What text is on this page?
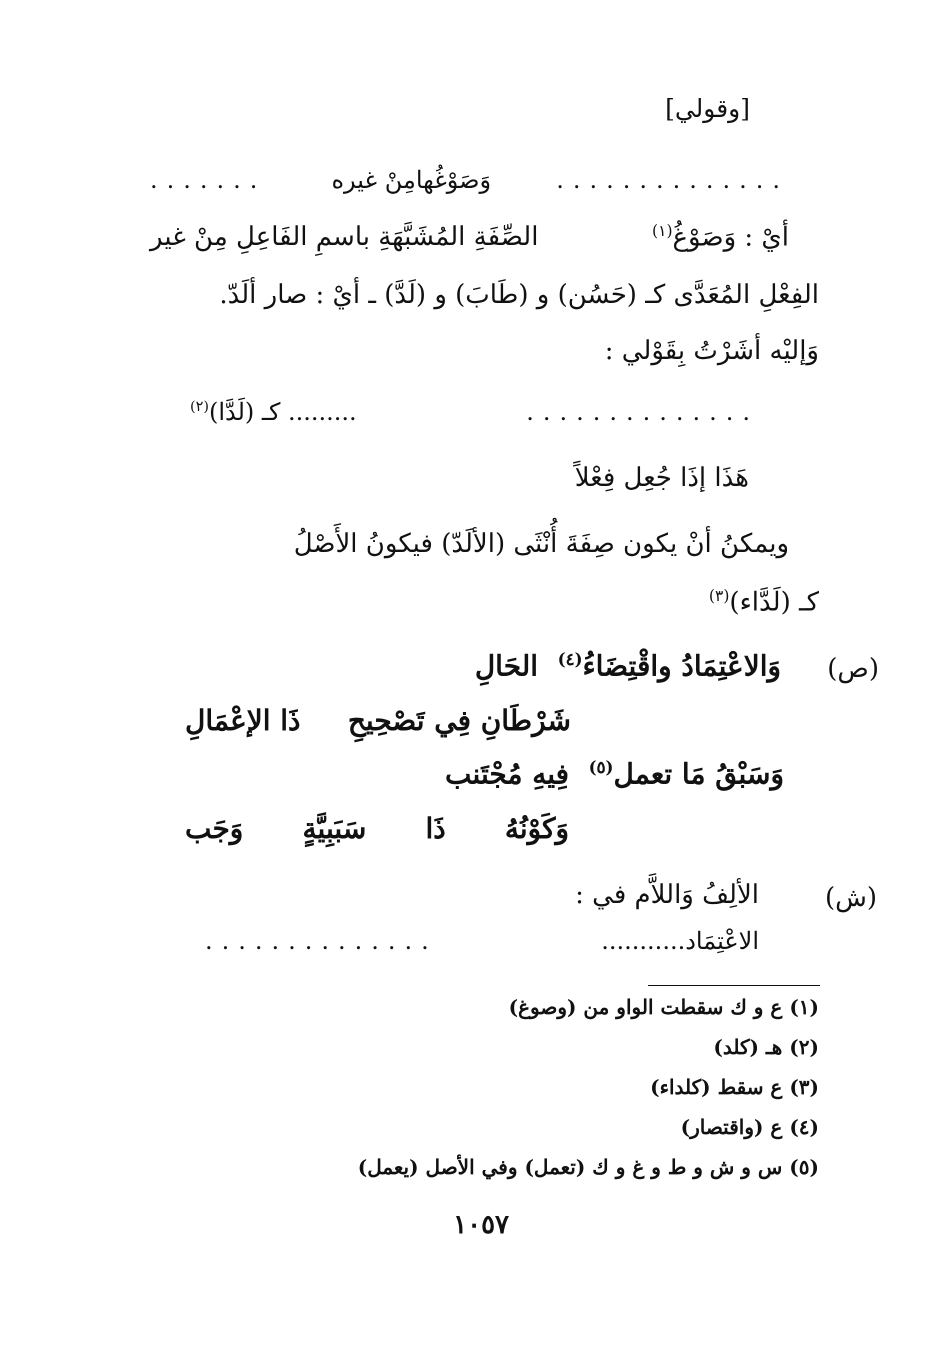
[وقولي]
..............
وَصَوْغُهامِنْ غيره
.......
أيْ : وَصَوْغُ$^{(١)}$
الصِّفَةِ المُشَبَّهَةِ باسمِ الفَاعِلِ مِنْ غير
الفِعْلِ المُعَدَّى كـ (حَسُن) و (طَابَ) و (لَدَّ) ـ أيْ : صار ألَدّ.
وَإليْه أشَرْتُ بِقَوْلي :
..............
......... كـ (لَدَّا)$^{(٢)}$
هَذَا إذَا جُعِل فِعْلاً
ويمكنُ أنْ يكون صِفَةَ أُنْثَى (الألَدّ) فيكونُ الأَصْلُ
كـ (لَدَّاء)$^{(٣)}$
(ص)
وَالاعْتِمَادُ واقْتِضَاءُ$^{(٤)}$  الحَالِ
شَرْطَانِ فِي تَصْحِيحِ
ذَا الإعْمَالِ
وَسَبْقُ مَا تعمل$^{(٥)}$  فِيهِ مُجْتَنب
وَكَوْنُهُ
ذَا
سَبَبِيَّةٍ
وَجَب
(ش)
الألِفُ وَاللاَّم في :
الاعْتِمَاد...........
..............
(١) ع و ك سقطت الواو من (وصوغ)
(٢) هـ (كلد)
(٣) ع سقط (كلداء)
(٤) ع (واقتصار)
(٥) س و ش و ط و غ و ك (تعمل) وفي الأصل (يعمل)
١٠٥٧
